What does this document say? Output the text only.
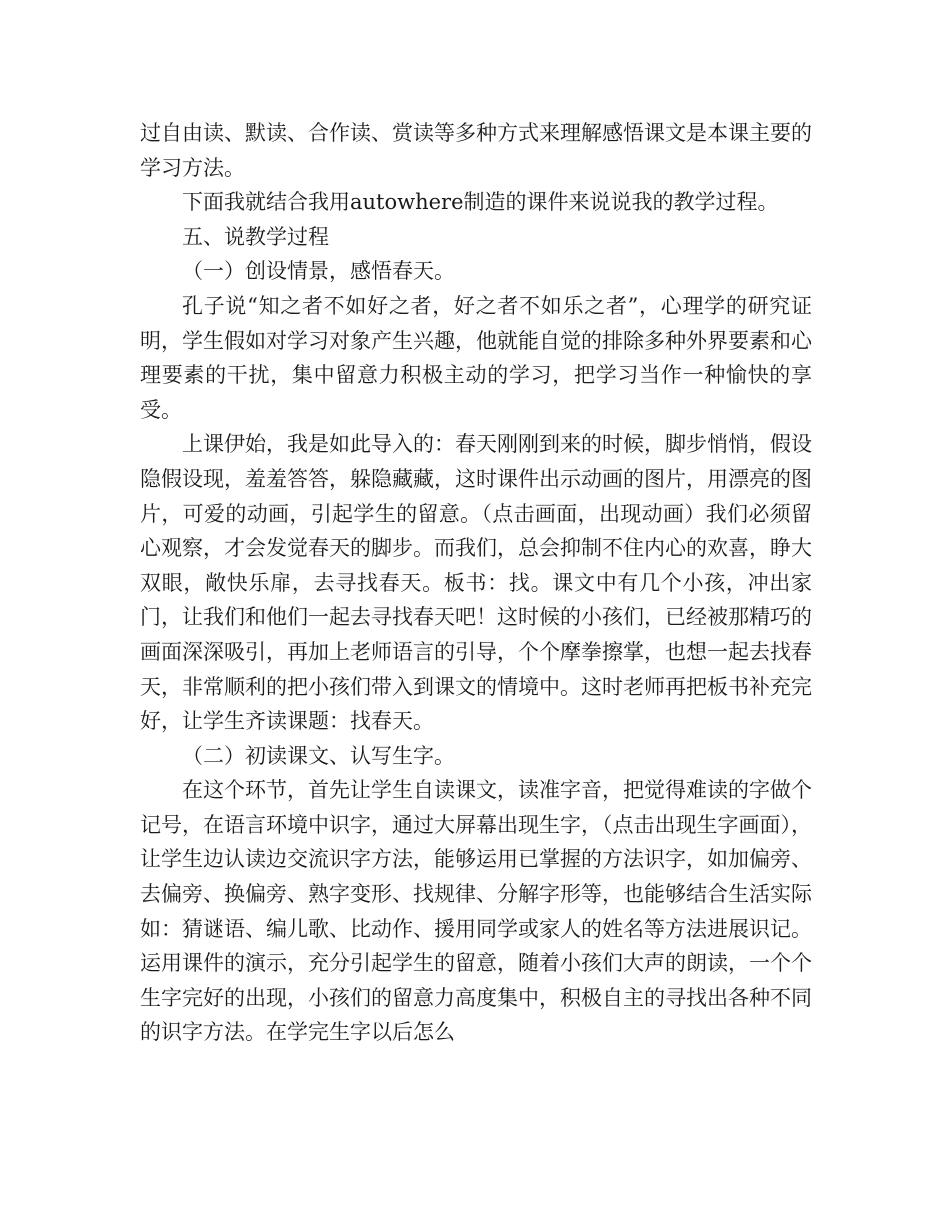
过自由读、默读、合作读、赏读等多种方式来理解感悟课文是本课主要的学习方法。

下面我就结合我用autowhere制造的课件来说说我的教学过程。

五、说教学过程

（一）创设情景，感悟春天。

孔子说“知之者不如好之者，好之者不如乐之者”，心理学的研究证明，学生假如对学习对象产生兴趣，他就能自觉的排除多种外界要素和心理要素的干扰，集中留意力积极主动的学习，把学习当作一种愉快的享受。

上课伊始，我是如此导入的：春天刚刚到来的时候，脚步悄悄，假设隐假设现，羞羞答答，躲隐藏藏，这时课件出示动画的图片，用漂亮的图片，可爱的动画，引起学生的留意。（点击画面，出现动画）我们必须留心观察，才会发觉春天的脚步。而我们，总会抑制不住内心的欢喜，睁大双眼，敞快乐扉，去寻找春天。板书：找。课文中有几个小孩，冲出家门，让我们和他们一起去寻找春天吧！这时候的小孩们，已经被那精巧的画面深深吸引，再加上老师语言的引导，个个摩拳擦掌，也想一起去找春天，非常顺利的把小孩们带入到课文的情境中。这时老师再把板书补充完好，让学生齐读课题：找春天。

（二）初读课文、认写生字。

在这个环节，首先让学生自读课文，读准字音，把觉得难读的字做个记号，在语言环境中识字，通过大屏幕出现生字，（点击出现生字画面），让学生边认读边交流识字方法，能够运用已掌握的方法识字，如加偏旁、去偏旁、换偏旁、熟字变形、找规律、分解字形等，也能够结合生活实际如：猜谜语、编儿歌、比动作、援用同学或家人的姓名等方法进展识记。运用课件的演示，充分引起学生的留意，随着小孩们大声的朗读，一个个生字完好的出现，小孩们的留意力高度集中，积极自主的寻找出各种不同的识字方法。在学完生字以后怎么
